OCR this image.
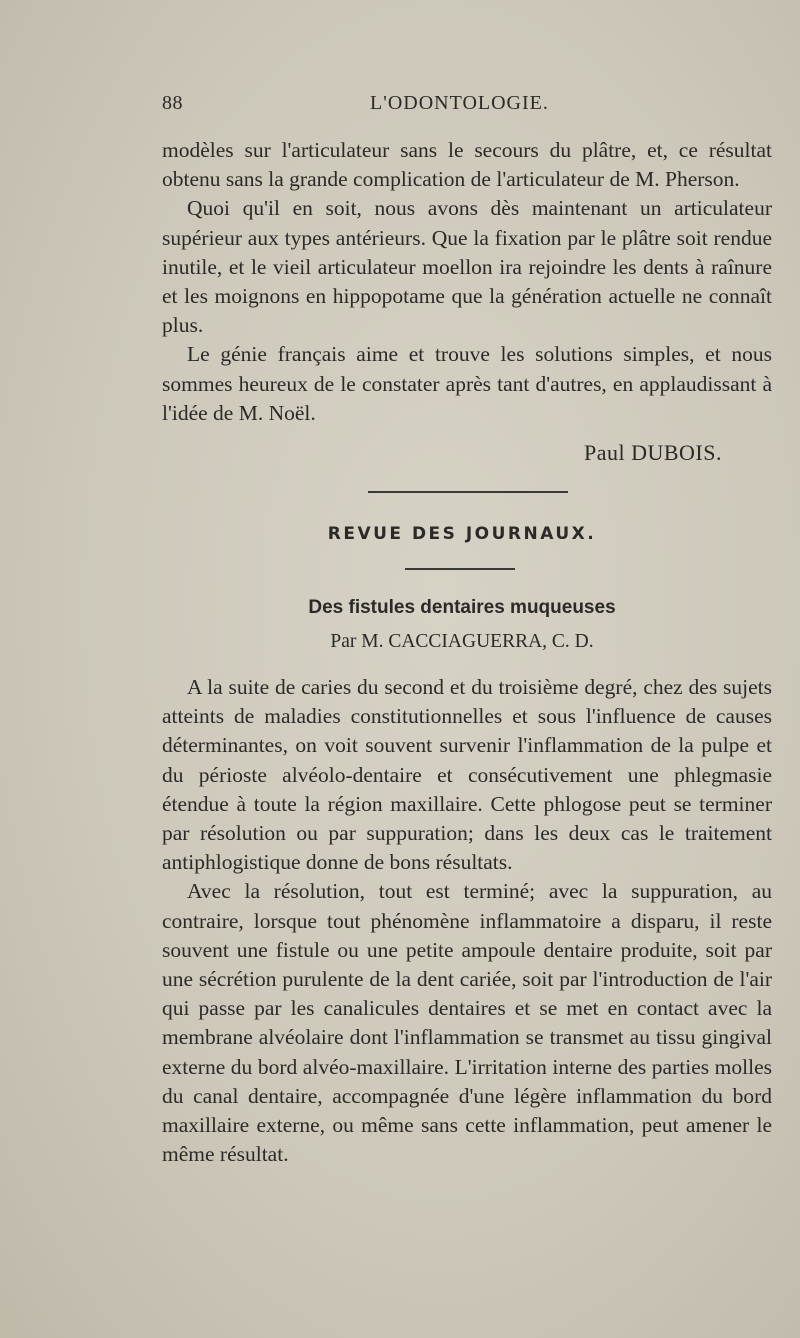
88	L'ODONTOLOGIE.

modèles sur l'articulateur sans le secours du plâtre, et, ce résultat obtenu sans la grande complication de l'articulateur de M. Pherson.

Quoi qu'il en soit, nous avons dès maintenant un articulateur supérieur aux types antérieurs. Que la fixation par le plâtre soit rendue inutile, et le vieil articulateur moellon ira rejoindre les dents à raînure et les moignons en hippopotame que la génération actuelle ne connaît plus.

Le génie français aime et trouve les solutions simples, et nous sommes heureux de le constater après tant d'autres, en applaudissant à l'idée de M. Noël.

Paul DUBOIS.
REVUE DES JOURNAUX.
Des fistules dentaires muqueuses
Par M. CACCIAGUERRA, C. D.

A la suite de caries du second et du troisième degré, chez des sujets atteints de maladies constitutionnelles et sous l'influence de causes déterminantes, on voit souvent survenir l'inflammation de la pulpe et du périoste alvéolo-dentaire et consécutivement une phlegmasie étendue à toute la région maxillaire. Cette phlogose peut se terminer par résolution ou par suppuration; dans les deux cas le traitement antiphlogistique donne de bons résultats.

Avec la résolution, tout est terminé; avec la suppuration, au contraire, lorsque tout phénomène inflammatoire a disparu, il reste souvent une fistule ou une petite ampoule dentaire produite, soit par une sécrétion purulente de la dent cariée, soit par l'introduction de l'air qui passe par les canalicules dentaires et se met en contact avec la membrane alvéolaire dont l'inflammation se transmet au tissu gingival externe du bord alvéo-maxillaire. L'irritation interne des parties molles du canal dentaire, accompagnée d'une légère inflammation du bord maxillaire externe, ou même sans cette inflammation, peut amener le même résultat.
